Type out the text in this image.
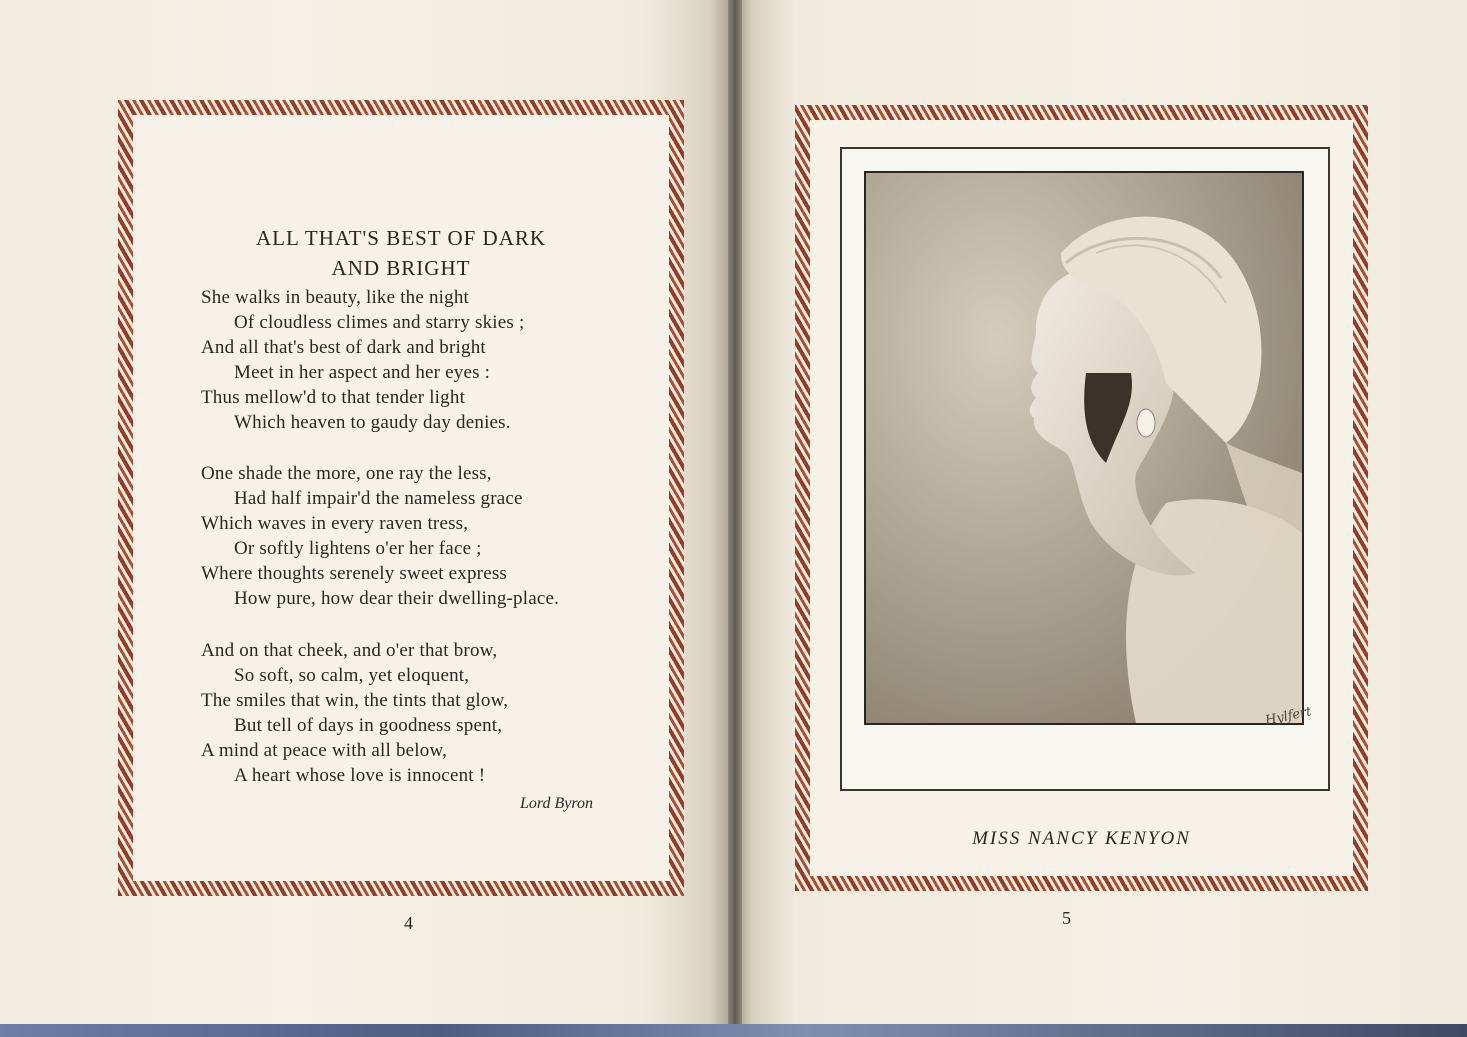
ALL THAT'S BEST OF DARK
AND BRIGHT
She walks in beauty, like the night
Of cloudless climes and starry skies ;
And all that's best of dark and bright
Meet in her aspect and her eyes :
Thus mellow'd to that tender light
Which heaven to gaudy day denies.
One shade the more, one ray the less,
Had half impair'd the nameless grace
Which waves in every raven tress,
Or softly lightens o'er her face ;
Where thoughts serenely sweet express
How pure, how dear their dwelling-place.
And on that cheek, and o'er that brow,
So soft, so calm, yet eloquent,
The smiles that win, the tints that glow,
But tell of days in goodness spent,
A mind at peace with all below,
A heart whose love is innocent !
Lord Byron
4
Hylfert
MISS NANCY KENYON
5
